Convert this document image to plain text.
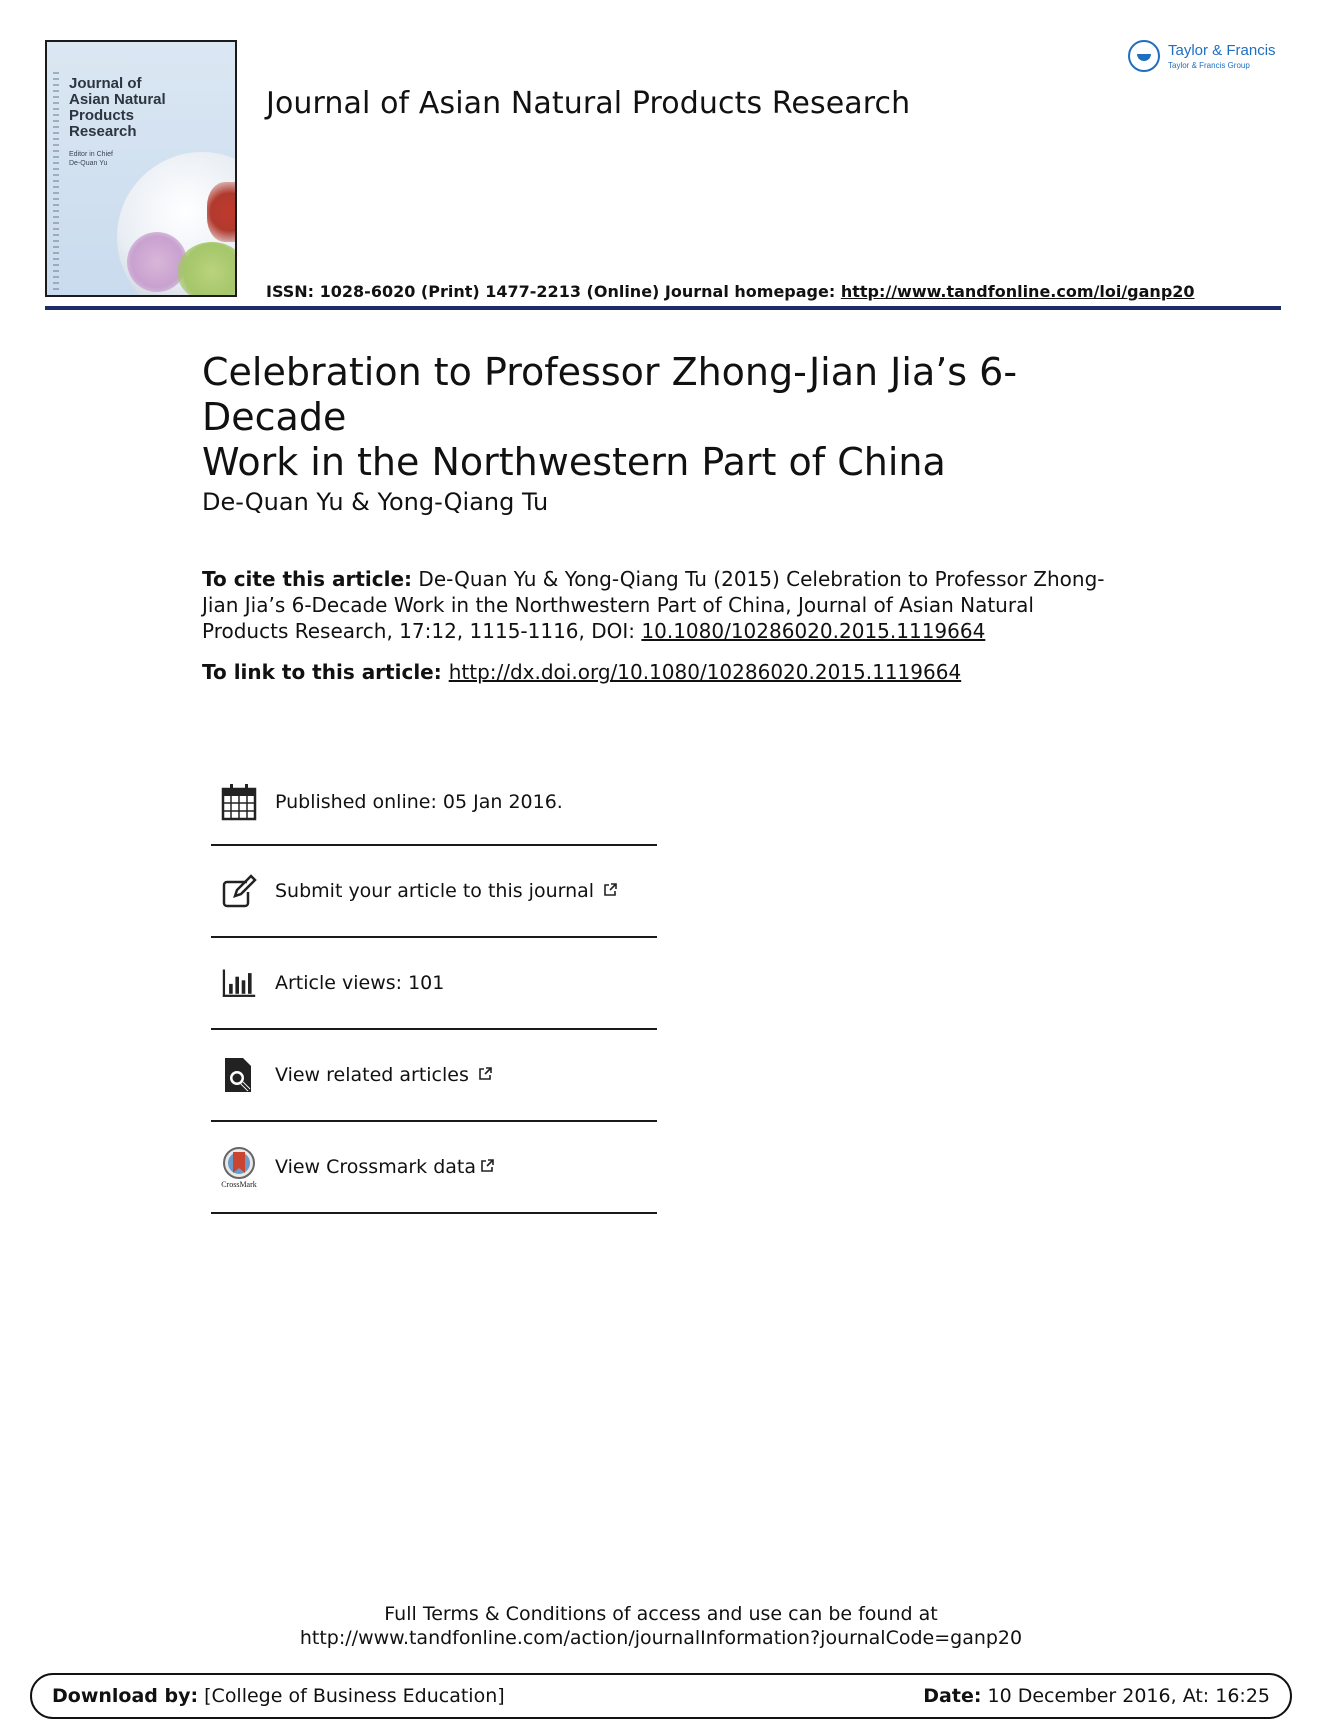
Journal of
Asian Natural
Products
Research
Editor in Chief
De-Quan Yu
Journal of Asian Natural Products Research
ISSN: 1028-6020 (Print) 1477-2213 (Online) Journal homepage: http://www.tandfonline.com/loi/ganp20
Taylor & Francis
Taylor & Francis Group
Celebration to Professor Zhong-Jian Jia’s 6-Decade
Work in the Northwestern Part of China
De-Quan Yu & Yong-Qiang Tu
To cite this article: De-Quan Yu & Yong-Qiang Tu (2015) Celebration to Professor Zhong-Jian Jia’s 6-Decade Work in the Northwestern Part of China, Journal of Asian Natural Products Research, 17:12, 1115-1116, DOI: 10.1080/10286020.2015.1119664
To link to this article: http://dx.doi.org/10.1080/10286020.2015.1119664
Published online: 05 Jan 2016.
Submit your article to this journal
Article views: 101
View related articles
CrossMark
View Crossmark data
Full Terms & Conditions of access and use can be found at
http://www.tandfonline.com/action/journalInformation?journalCode=ganp20
Download by: [College of Business Education]	Date: 10 December 2016, At: 16:25
